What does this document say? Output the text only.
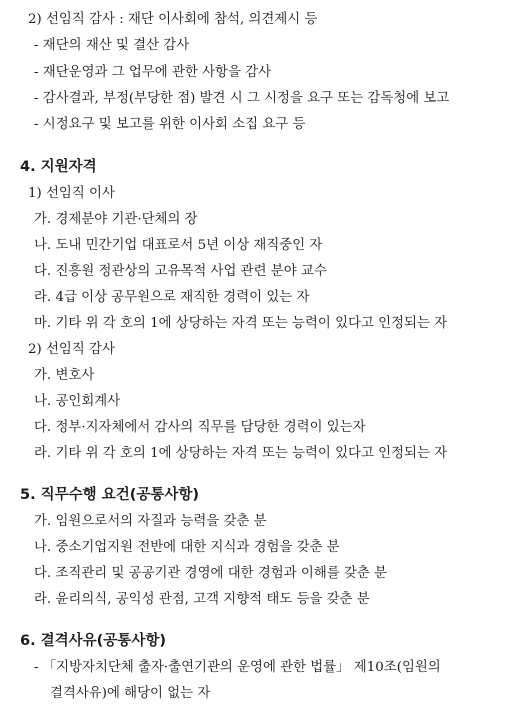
2) 선임직 감사 : 재단 이사회에 참석, 의견제시 등
- 재단의 재산 및 결산 감사
- 재단운영과 그 업무에 관한 사항을 감사
- 감사결과, 부정(부당한 점) 발견 시 그 시정을 요구 또는 감독청에 보고
- 시정요구 및 보고를 위한 이사회 소집 요구 등
4. 지원자격
1) 선임직 이사
가. 경제분야 기관·단체의 장
나. 도내 민간기업 대표로서 5년 이상 재직중인 자
다. 진흥원 정관상의 고유목적 사업 관련 분야 교수
라. 4급 이상 공무원으로 재직한 경력이 있는 자
마. 기타 위 각 호의 1에 상당하는 자격 또는 능력이 있다고 인정되는 자
2) 선임직 감사
가. 변호사
나. 공인회계사
다. 정부·지자체에서 감사의 직무를 담당한 경력이 있는자
라. 기타 위 각 호의 1에 상당하는 자격 또는 능력이 있다고 인정되는 자
5. 직무수행 요건(공통사항)
가. 임원으로서의 자질과 능력을 갖춘 분
나. 중소기업지원 전반에 대한 지식과 경험을 갖춘 분
다. 조직관리 및 공공기관 경영에 대한 경험과 이해를 갖춘 분
라. 윤리의식, 공익성 관점, 고객 지향적 태도 등을 갖춘 분
6. 결격사유(공통사항)
- 「지방자치단체 출자·출연기관의 운영에 관한 법률」 제10조(임원의
결격사유)에 해당이 없는 자
